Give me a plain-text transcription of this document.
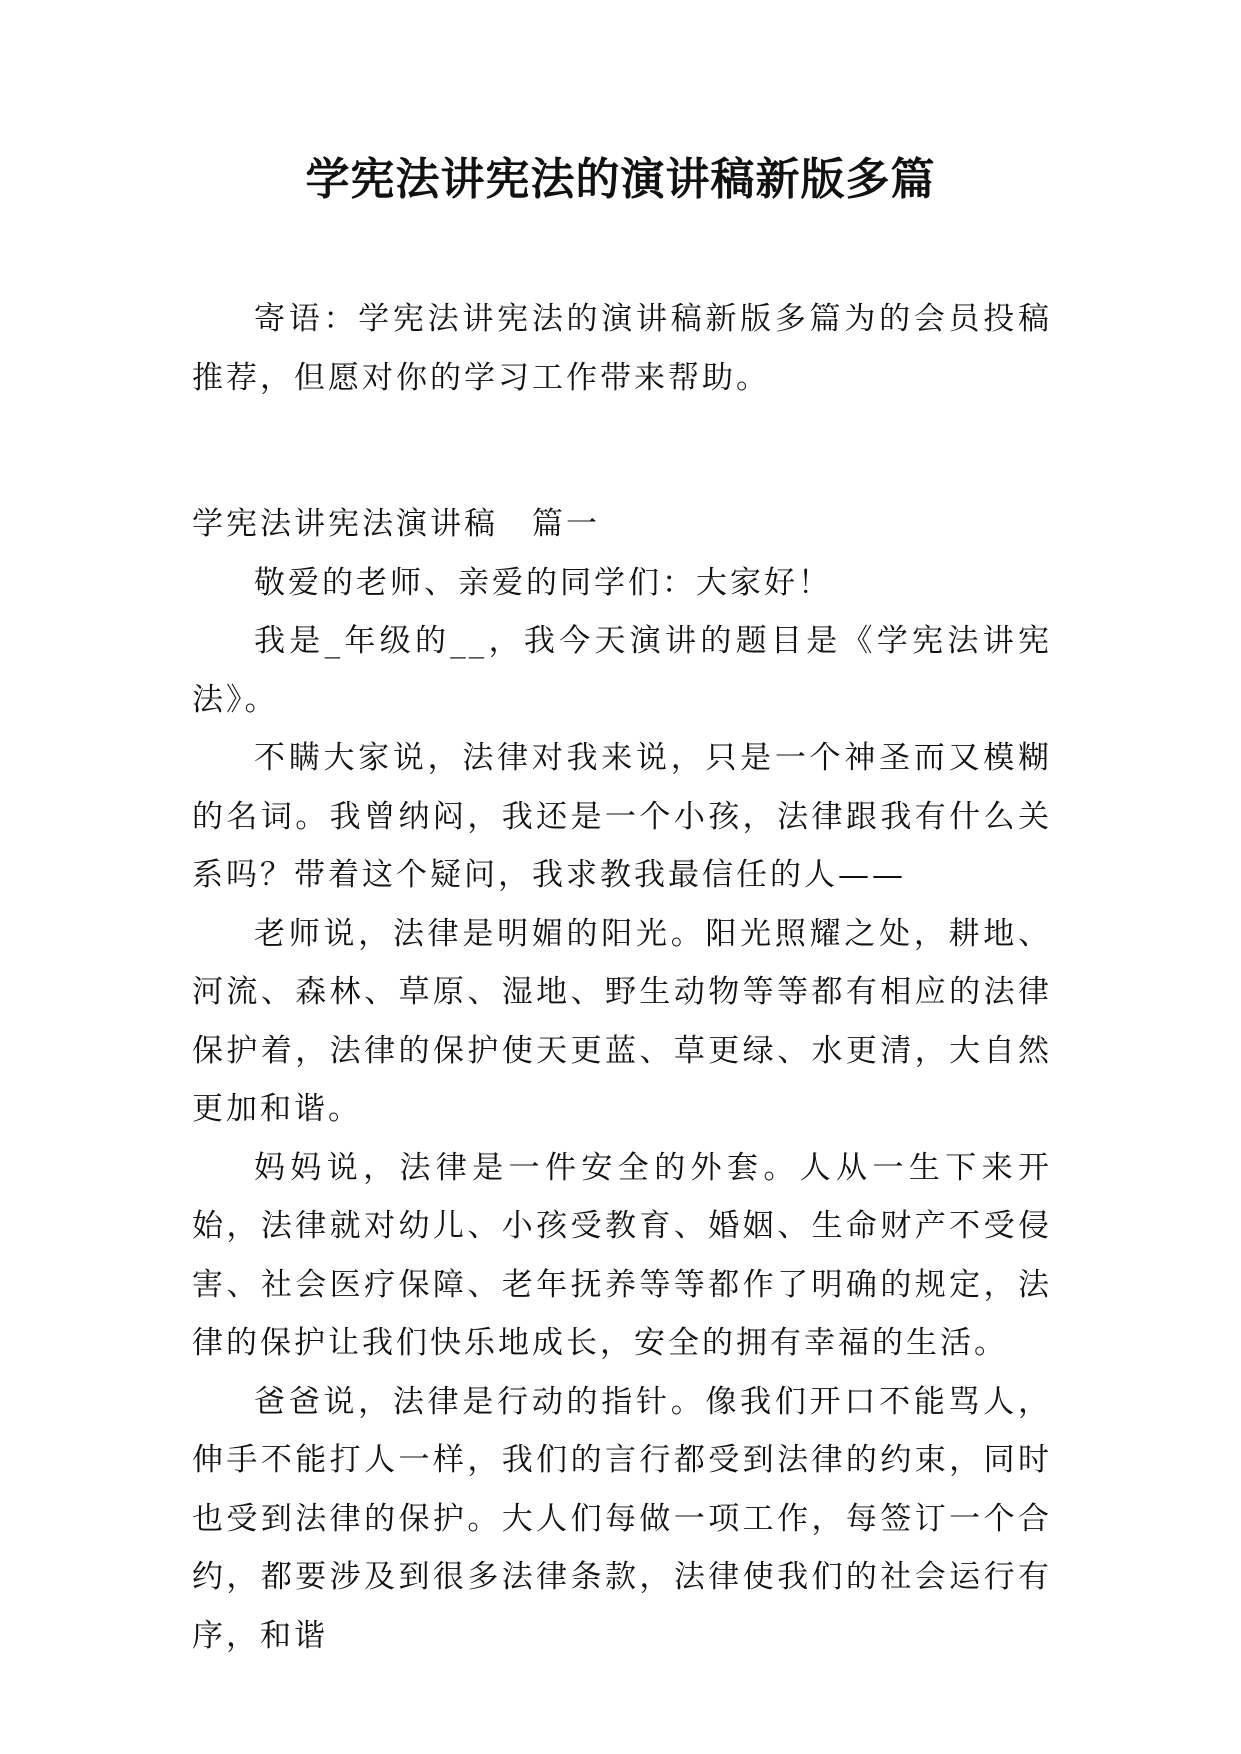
学宪法讲宪法的演讲稿新版多篇

寄语：学宪法讲宪法的演讲稿新版多篇为的会员投稿推荐，但愿对你的学习工作带来帮助。

学宪法讲宪法演讲稿　篇一

敬爱的老师、亲爱的同学们：大家好！

我是_年级的__，我今天演讲的题目是《学宪法讲宪法》。

不瞒大家说，法律对我来说，只是一个神圣而又模糊的名词。我曾纳闷，我还是一个小孩，法律跟我有什么关系吗？带着这个疑问，我求教我最信任的人——

老师说，法律是明媚的阳光。阳光照耀之处，耕地、河流、森林、草原、湿地、野生动物等等都有相应的法律保护着，法律的保护使天更蓝、草更绿、水更清，大自然更加和谐。

妈妈说，法律是一件安全的外套。人从一生下来开始，法律就对幼儿、小孩受教育、婚姻、生命财产不受侵害、社会医疗保障、老年抚养等等都作了明确的规定，法律的保护让我们快乐地成长，安全的拥有幸福的生活。

爸爸说，法律是行动的指针。像我们开口不能骂人，伸手不能打人一样，我们的言行都受到法律的约束，同时也受到法律的保护。大人们每做一项工作，每签订一个合约，都要涉及到很多法律条款，法律使我们的社会运行有序，和谐
